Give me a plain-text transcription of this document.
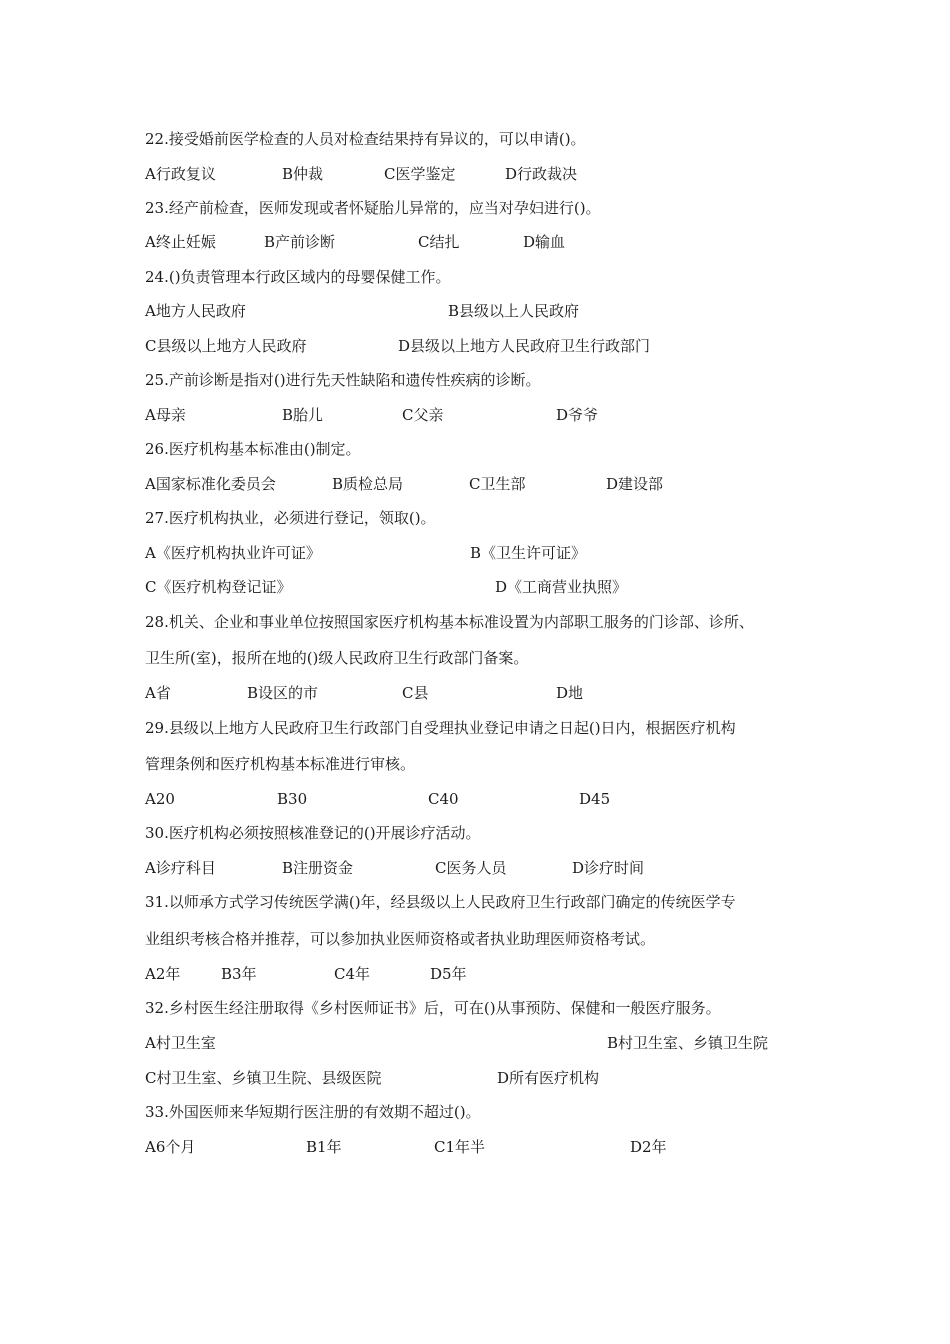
22.接受婚前医学检查的人员对检查结果持有异议的，可以申请()。
A行政复议	B仲裁	C医学鉴定	D行政裁决
23.经产前检查，医师发现或者怀疑胎儿异常的，应当对孕妇进行()。
A终止妊娠	B产前诊断	C结扎	D输血
24.()负责管理本行政区域内的母婴保健工作。
A地方人民政府	B县级以上人民政府
C县级以上地方人民政府	D县级以上地方人民政府卫生行政部门
25.产前诊断是指对()进行先天性缺陷和遗传性疾病的诊断。
A母亲	B胎儿	C父亲	D爷爷
26.医疗机构基本标准由()制定。
A国家标准化委员会	B质检总局	C卫生部	D建设部
27.医疗机构执业，必须进行登记，领取()。
A《医疗机构执业许可证》	B《卫生许可证》
C《医疗机构登记证》	D《工商营业执照》
28.机关、企业和事业单位按照国家医疗机构基本标准设置为内部职工服务的门诊部、诊所、
卫生所(室)，报所在地的()级人民政府卫生行政部门备案。
A省	B设区的市	C县	D地
29.县级以上地方人民政府卫生行政部门自受理执业登记申请之日起()日内，根据医疗机构
管理条例和医疗机构基本标准进行审核。
A20	B30	C40	D45
30.医疗机构必须按照核准登记的()开展诊疗活动。
A诊疗科目	B注册资金	C医务人员	D诊疗时间
31.以师承方式学习传统医学满()年，经县级以上人民政府卫生行政部门确定的传统医学专
业组织考核合格并推荐，可以参加执业医师资格或者执业助理医师资格考试。
A2年	B3年	C4年	D5年
32.乡村医生经注册取得《乡村医师证书》后，可在()从事预防、保健和一般医疗服务。
A村卫生室	B村卫生室、乡镇卫生院
C村卫生室、乡镇卫生院、县级医院	D所有医疗机构
33.外国医师来华短期行医注册的有效期不超过()。
A6个月	B1年	C1年半	D2年
